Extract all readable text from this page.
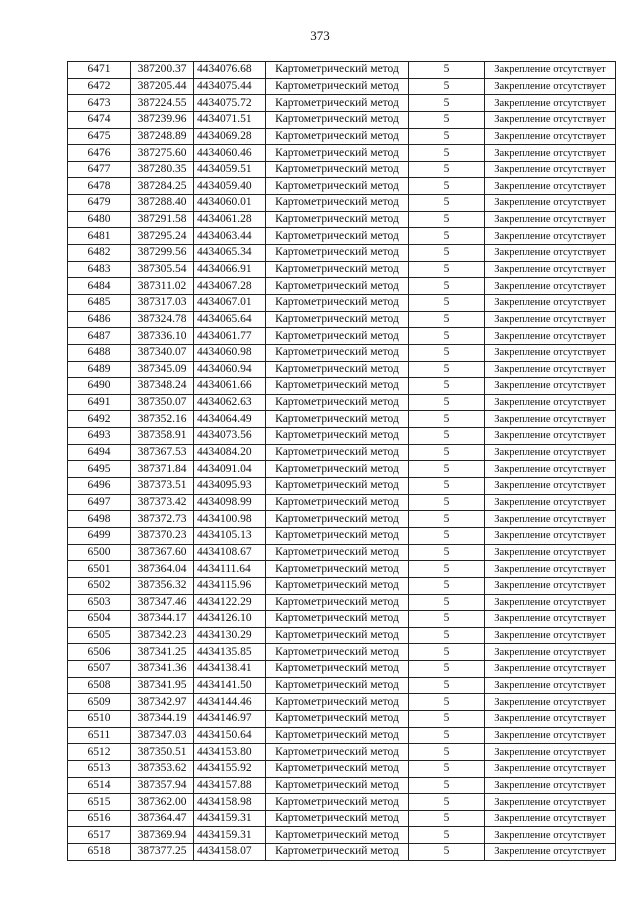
373
6471	387200.37	4434076.68	Картометрический метод	5	Закрепление отсутствует
6472	387205.44	4434075.44	Картометрический метод	5	Закрепление отсутствует
6473	387224.55	4434075.72	Картометрический метод	5	Закрепление отсутствует
6474	387239.96	4434071.51	Картометрический метод	5	Закрепление отсутствует
6475	387248.89	4434069.28	Картометрический метод	5	Закрепление отсутствует
6476	387275.60	4434060.46	Картометрический метод	5	Закрепление отсутствует
6477	387280.35	4434059.51	Картометрический метод	5	Закрепление отсутствует
6478	387284.25	4434059.40	Картометрический метод	5	Закрепление отсутствует
6479	387288.40	4434060.01	Картометрический метод	5	Закрепление отсутствует
6480	387291.58	4434061.28	Картометрический метод	5	Закрепление отсутствует
6481	387295.24	4434063.44	Картометрический метод	5	Закрепление отсутствует
6482	387299.56	4434065.34	Картометрический метод	5	Закрепление отсутствует
6483	387305.54	4434066.91	Картометрический метод	5	Закрепление отсутствует
6484	387311.02	4434067.28	Картометрический метод	5	Закрепление отсутствует
6485	387317.03	4434067.01	Картометрический метод	5	Закрепление отсутствует
6486	387324.78	4434065.64	Картометрический метод	5	Закрепление отсутствует
6487	387336.10	4434061.77	Картометрический метод	5	Закрепление отсутствует
6488	387340.07	4434060.98	Картометрический метод	5	Закрепление отсутствует
6489	387345.09	4434060.94	Картометрический метод	5	Закрепление отсутствует
6490	387348.24	4434061.66	Картометрический метод	5	Закрепление отсутствует
6491	387350.07	4434062.63	Картометрический метод	5	Закрепление отсутствует
6492	387352.16	4434064.49	Картометрический метод	5	Закрепление отсутствует
6493	387358.91	4434073.56	Картометрический метод	5	Закрепление отсутствует
6494	387367.53	4434084.20	Картометрический метод	5	Закрепление отсутствует
6495	387371.84	4434091.04	Картометрический метод	5	Закрепление отсутствует
6496	387373.51	4434095.93	Картометрический метод	5	Закрепление отсутствует
6497	387373.42	4434098.99	Картометрический метод	5	Закрепление отсутствует
6498	387372.73	4434100.98	Картометрический метод	5	Закрепление отсутствует
6499	387370.23	4434105.13	Картометрический метод	5	Закрепление отсутствует
6500	387367.60	4434108.67	Картометрический метод	5	Закрепление отсутствует
6501	387364.04	4434111.64	Картометрический метод	5	Закрепление отсутствует
6502	387356.32	4434115.96	Картометрический метод	5	Закрепление отсутствует
6503	387347.46	4434122.29	Картометрический метод	5	Закрепление отсутствует
6504	387344.17	4434126.10	Картометрический метод	5	Закрепление отсутствует
6505	387342.23	4434130.29	Картометрический метод	5	Закрепление отсутствует
6506	387341.25	4434135.85	Картометрический метод	5	Закрепление отсутствует
6507	387341.36	4434138.41	Картометрический метод	5	Закрепление отсутствует
6508	387341.95	4434141.50	Картометрический метод	5	Закрепление отсутствует
6509	387342.97	4434144.46	Картометрический метод	5	Закрепление отсутствует
6510	387344.19	4434146.97	Картометрический метод	5	Закрепление отсутствует
6511	387347.03	4434150.64	Картометрический метод	5	Закрепление отсутствует
6512	387350.51	4434153.80	Картометрический метод	5	Закрепление отсутствует
6513	387353.62	4434155.92	Картометрический метод	5	Закрепление отсутствует
6514	387357.94	4434157.88	Картометрический метод	5	Закрепление отсутствует
6515	387362.00	4434158.98	Картометрический метод	5	Закрепление отсутствует
6516	387364.47	4434159.31	Картометрический метод	5	Закрепление отсутствует
6517	387369.94	4434159.31	Картометрический метод	5	Закрепление отсутствует
6518	387377.25	4434158.07	Картометрический метод	5	Закрепление отсутствует
